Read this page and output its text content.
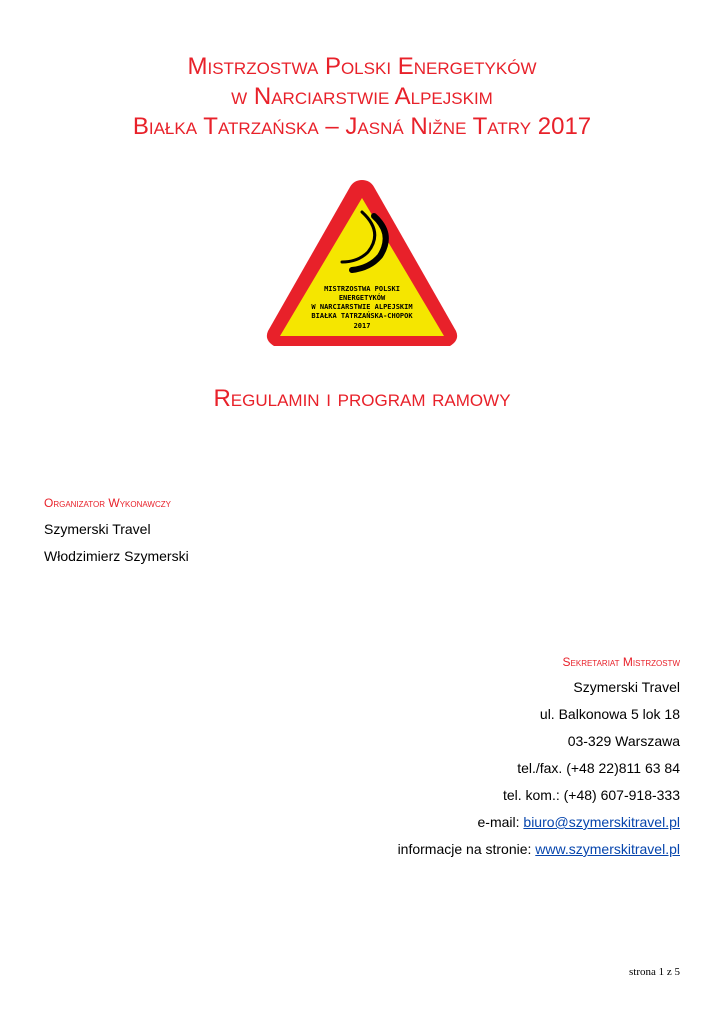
Mistrzostwa Polski Energetyków
w Narciarstwie Alpejskim
Białka Tatrzańska – Jasná Nižne Tatry 2017
MISTRZOSTWA POLSKI
ENERGETYKÓW
W NARCIARSTWIE ALPEJSKIM
BIAŁKA TATRZAŃSKA-CHOPOK
2017
Regulamin i program ramowy
Organizator Wykonawczy
Szymerski Travel
Włodzimierz Szymerski
Sekretariat Mistrzostw
Szymerski Travel
ul. Balkonowa 5 lok 18
03-329 Warszawa
tel./fax. (+48 22)811 63 84
tel. kom.: (+48) 607-918-333
e-mail: biuro@szymerskitravel.pl
informacje na stronie: www.szymerskitravel.pl
strona 1 z 5
